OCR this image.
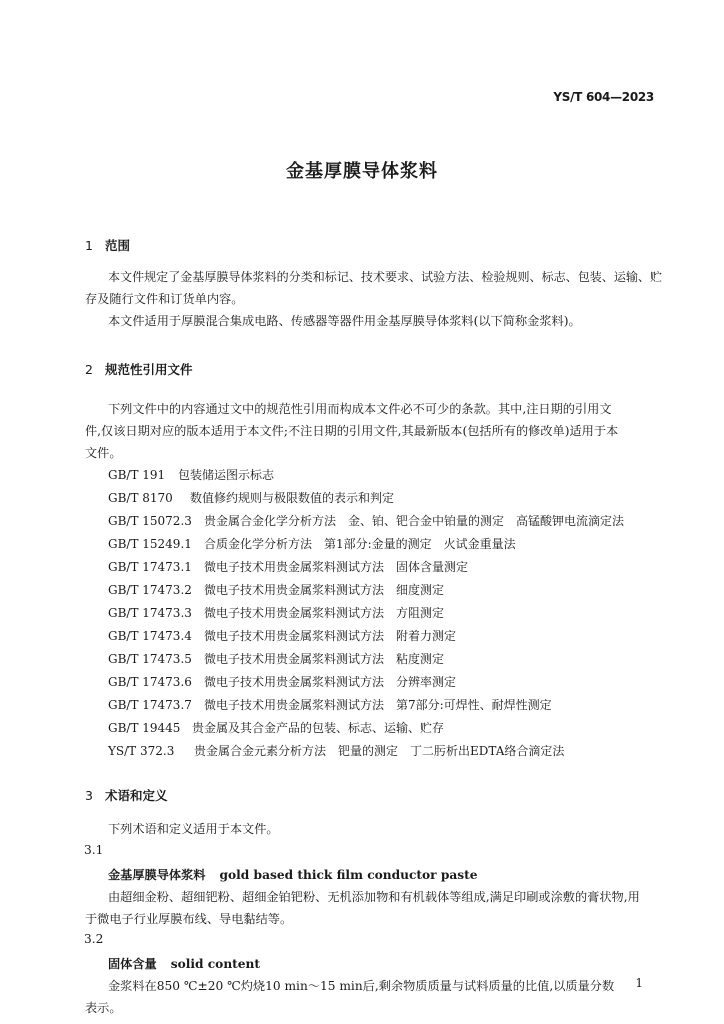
YS/T 604—2023
金基厚膜导体浆料
1 范围
本文件规定了金基厚膜导体浆料的分类和标记、技术要求、试验方法、检验规则、标志、包装、运输、贮
存及随行文件和订货单内容。
本文件适用于厚膜混合集成电路、传感器等器件用金基厚膜导体浆料(以下简称金浆料)。
2 规范性引用文件
下列文件中的内容通过文中的规范性引用而构成本文件必不可少的条款。其中,注日期的引用文
件,仅该日期对应的版本适用于本文件;不注日期的引用文件,其最新版本(包括所有的修改单)适用于本
文件。
GB/T 191 包装储运图示标志
GB/T 8170 数值修约规则与极限数值的表示和判定
GB/T 15072.3 贵金属合金化学分析方法　金、铂、钯合金中铂量的测定　高锰酸钾电流滴定法
GB/T 15249.1 合质金化学分析方法　第1部分:金量的测定　火试金重量法
GB/T 17473.1 微电子技术用贵金属浆料测试方法　固体含量测定
GB/T 17473.2 微电子技术用贵金属浆料测试方法　细度测定
GB/T 17473.3 微电子技术用贵金属浆料测试方法　方阻测定
GB/T 17473.4 微电子技术用贵金属浆料测试方法　附着力测定
GB/T 17473.5 微电子技术用贵金属浆料测试方法　粘度测定
GB/T 17473.6 微电子技术用贵金属浆料测试方法　分辨率测定
GB/T 17473.7 微电子技术用贵金属浆料测试方法　第7部分:可焊性、耐焊性测定
GB/T 19445 贵金属及其合金产品的包装、标志、运输、贮存
YS/T 372.3 贵金属合金元素分析方法　钯量的测定　丁二肟析出EDTA络合滴定法
3 术语和定义
下列术语和定义适用于本文件。
3.1
金基厚膜导体浆料 gold based thick film conductor paste
由超细金粉、超细钯粉、超细金铂钯粉、无机添加物和有机载体等组成,满足印刷或涂敷的膏状物,用
于微电子行业厚膜布线、导电黏结等。
3.2
固体含量 solid content
金浆料在850 ℃±20 ℃灼烧10 min～15 min后,剩余物质质量与试料质量的比值,以质量分数
表示。
1
